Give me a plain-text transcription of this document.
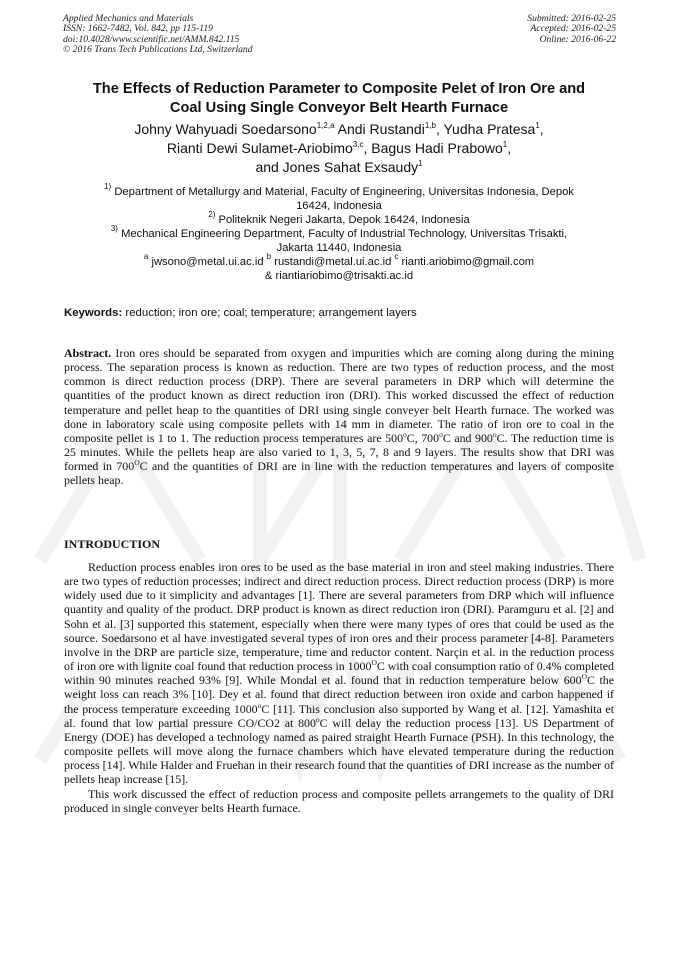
Applied Mechanics and Materials
ISSN: 1662-7482, Vol. 842, pp 115-119
doi:10.4028/www.scientific.net/AMM.842.115
© 2016 Trans Tech Publications Ltd, Switzerland
Submitted: 2016-02-25
Accepted: 2016-02-25
Online: 2016-06-22
The Effects of Reduction Parameter to Composite Pelet of Iron Ore and
Coal Using Single Conveyor Belt Hearth Furnace
Johny Wahyuadi Soedarsono$^{1,2,a}$ Andi Rustandi$^{1,b}$, Yudha Pratesa$^1$,
Rianti Dewi Sulamet-Ariobimo$^{3,c}$, Bagus Hadi Prabowo$^1$,
and Jones Sahat Exsaudy$^1$
$^{1)}$ Department of Metallurgy and Material, Faculty of Engineering, Universitas Indonesia, Depok
16424, Indonesia
$^{2)}$ Politeknik Negeri Jakarta, Depok 16424, Indonesia
$^{3)}$ Mechanical Engineering Department, Faculty of Industrial Technology, Universitas Trisakti,
Jakarta 11440, Indonesia
$^a$ jwsono@metal.ui.ac.id $^b$ rustandi@metal.ui.ac.id $^c$ rianti.ariobimo@gmail.com
& riantiariobimo@trisakti.ac.id
Keywords: reduction; iron ore; coal; temperature; arrangement layers
Abstract. Iron ores should be separated from oxygen and impurities which are coming along during the mining process. The separation process is known as reduction. There are two types of reduction process, and the most common is direct reduction process (DRP). There are several parameters in DRP which will determine the quantities of the product known as direct reduction iron (DRI). This worked discussed the effect of reduction temperature and pellet heap to the quantities of DRI using single conveyer belt Hearth furnace. The worked was done in laboratory scale using composite pellets with 14 mm in diameter. The ratio of iron ore to coal in the composite pellet is 1 to 1. The reduction process temperatures are 500$^o$C, 700$^o$C and 900$^o$C. The reduction time is 25 minutes. While the pellets heap are also varied to 1, 3, 5, 7, 8 and 9 layers. The results show that DRI was formed in $700^OC$ and the quantities of DRI are in line with the reduction temperatures and layers of composite pellets heap.
INTRODUCTION

Reduction process enables iron ores to be used as the base material in iron and steel making industries. There are two types of reduction processes; indirect and direct reduction process. Direct reduction process (DRP) is more widely used due to it simplicity and advantages [1]. There are several parameters from DRP which will influence quantity and quality of the product. DRP product is known as direct reduction iron (DRI). Paramguru et al. [2] and Sohn et al. [3] supported this statement, especially when there were many types of ores that could be used as the source. Soedarsono et al have investigated several types of iron ores and their process parameter [4-8]. Parameters involve in the DRP are particle size, temperature, time and reductor content. Narçin et al. in the reduction process of iron ore with lignite coal found that reduction process in $1000^OC$ with coal consumption ratio of 0.4% completed within 90 minutes reached 93% [9]. While Mondal et al. found that in reduction temperature below $600^OC$ the weight loss can reach 3% [10]. Dey et al. found that direct reduction between iron oxide and carbon happened if the process temperature exceeding 1000$^o$C [11]. This conclusion also supported by Wang et al. [12]. Yamashita et al. found that low partial pressure CO/CO2 at 800$^o$C will delay the reduction process [13]. US Department of Energy (DOE) has developed a technology named as paired straight Hearth Furnace (PSH). In this technology, the composite pellets will move along the furnace chambers which have elevated temperature during the reduction process [14]. While Halder and Fruehan in their research found that the quantities of DRI increase as the number of pellets heap increase [15].

This work discussed the effect of reduction process and composite pellets arrangemets to the quality of DRI produced in single conveyer belts Hearth furnace.
